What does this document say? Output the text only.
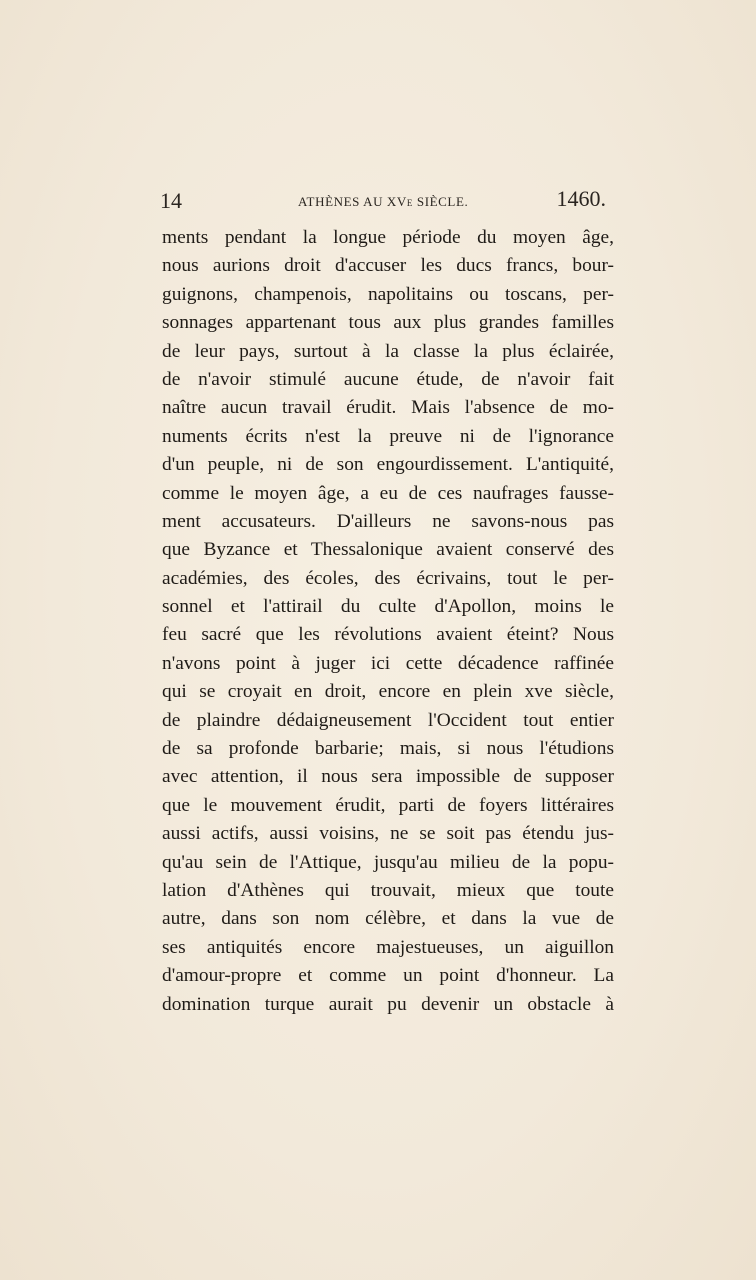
14	ATHÈNES AU XVe SIÈCLE.	1460.
ments pendant la longue période du moyen âge,
nous aurions droit d'accuser les ducs francs, bour-
guignons, champenois, napolitains ou toscans, per-
sonnages appartenant tous aux plus grandes familles
de leur pays, surtout à la classe la plus éclairée,
de n'avoir stimulé aucune étude, de n'avoir fait
naître aucun travail érudit. Mais l'absence de mo-
numents écrits n'est la preuve ni de l'ignorance
d'un peuple, ni de son engourdissement. L'antiquité,
comme le moyen âge, a eu de ces naufrages fausse-
ment accusateurs. D'ailleurs ne savons-nous pas
que Byzance et Thessalonique avaient conservé des
académies, des écoles, des écrivains, tout le per-
sonnel et l'attirail du culte d'Apollon, moins le
feu sacré que les révolutions avaient éteint? Nous
n'avons point à juger ici cette décadence raffinée
qui se croyait en droit, encore en plein xve siècle,
de plaindre dédaigneusement l'Occident tout entier
de sa profonde barbarie; mais, si nous l'étudions
avec attention, il nous sera impossible de supposer
que le mouvement érudit, parti de foyers littéraires
aussi actifs, aussi voisins, ne se soit pas étendu jus-
qu'au sein de l'Attique, jusqu'au milieu de la popu-
lation d'Athènes qui trouvait, mieux que toute
autre, dans son nom célèbre, et dans la vue de
ses antiquités encore majestueuses, un aiguillon
d'amour-propre et comme un point d'honneur. La
domination turque aurait pu devenir un obstacle à
